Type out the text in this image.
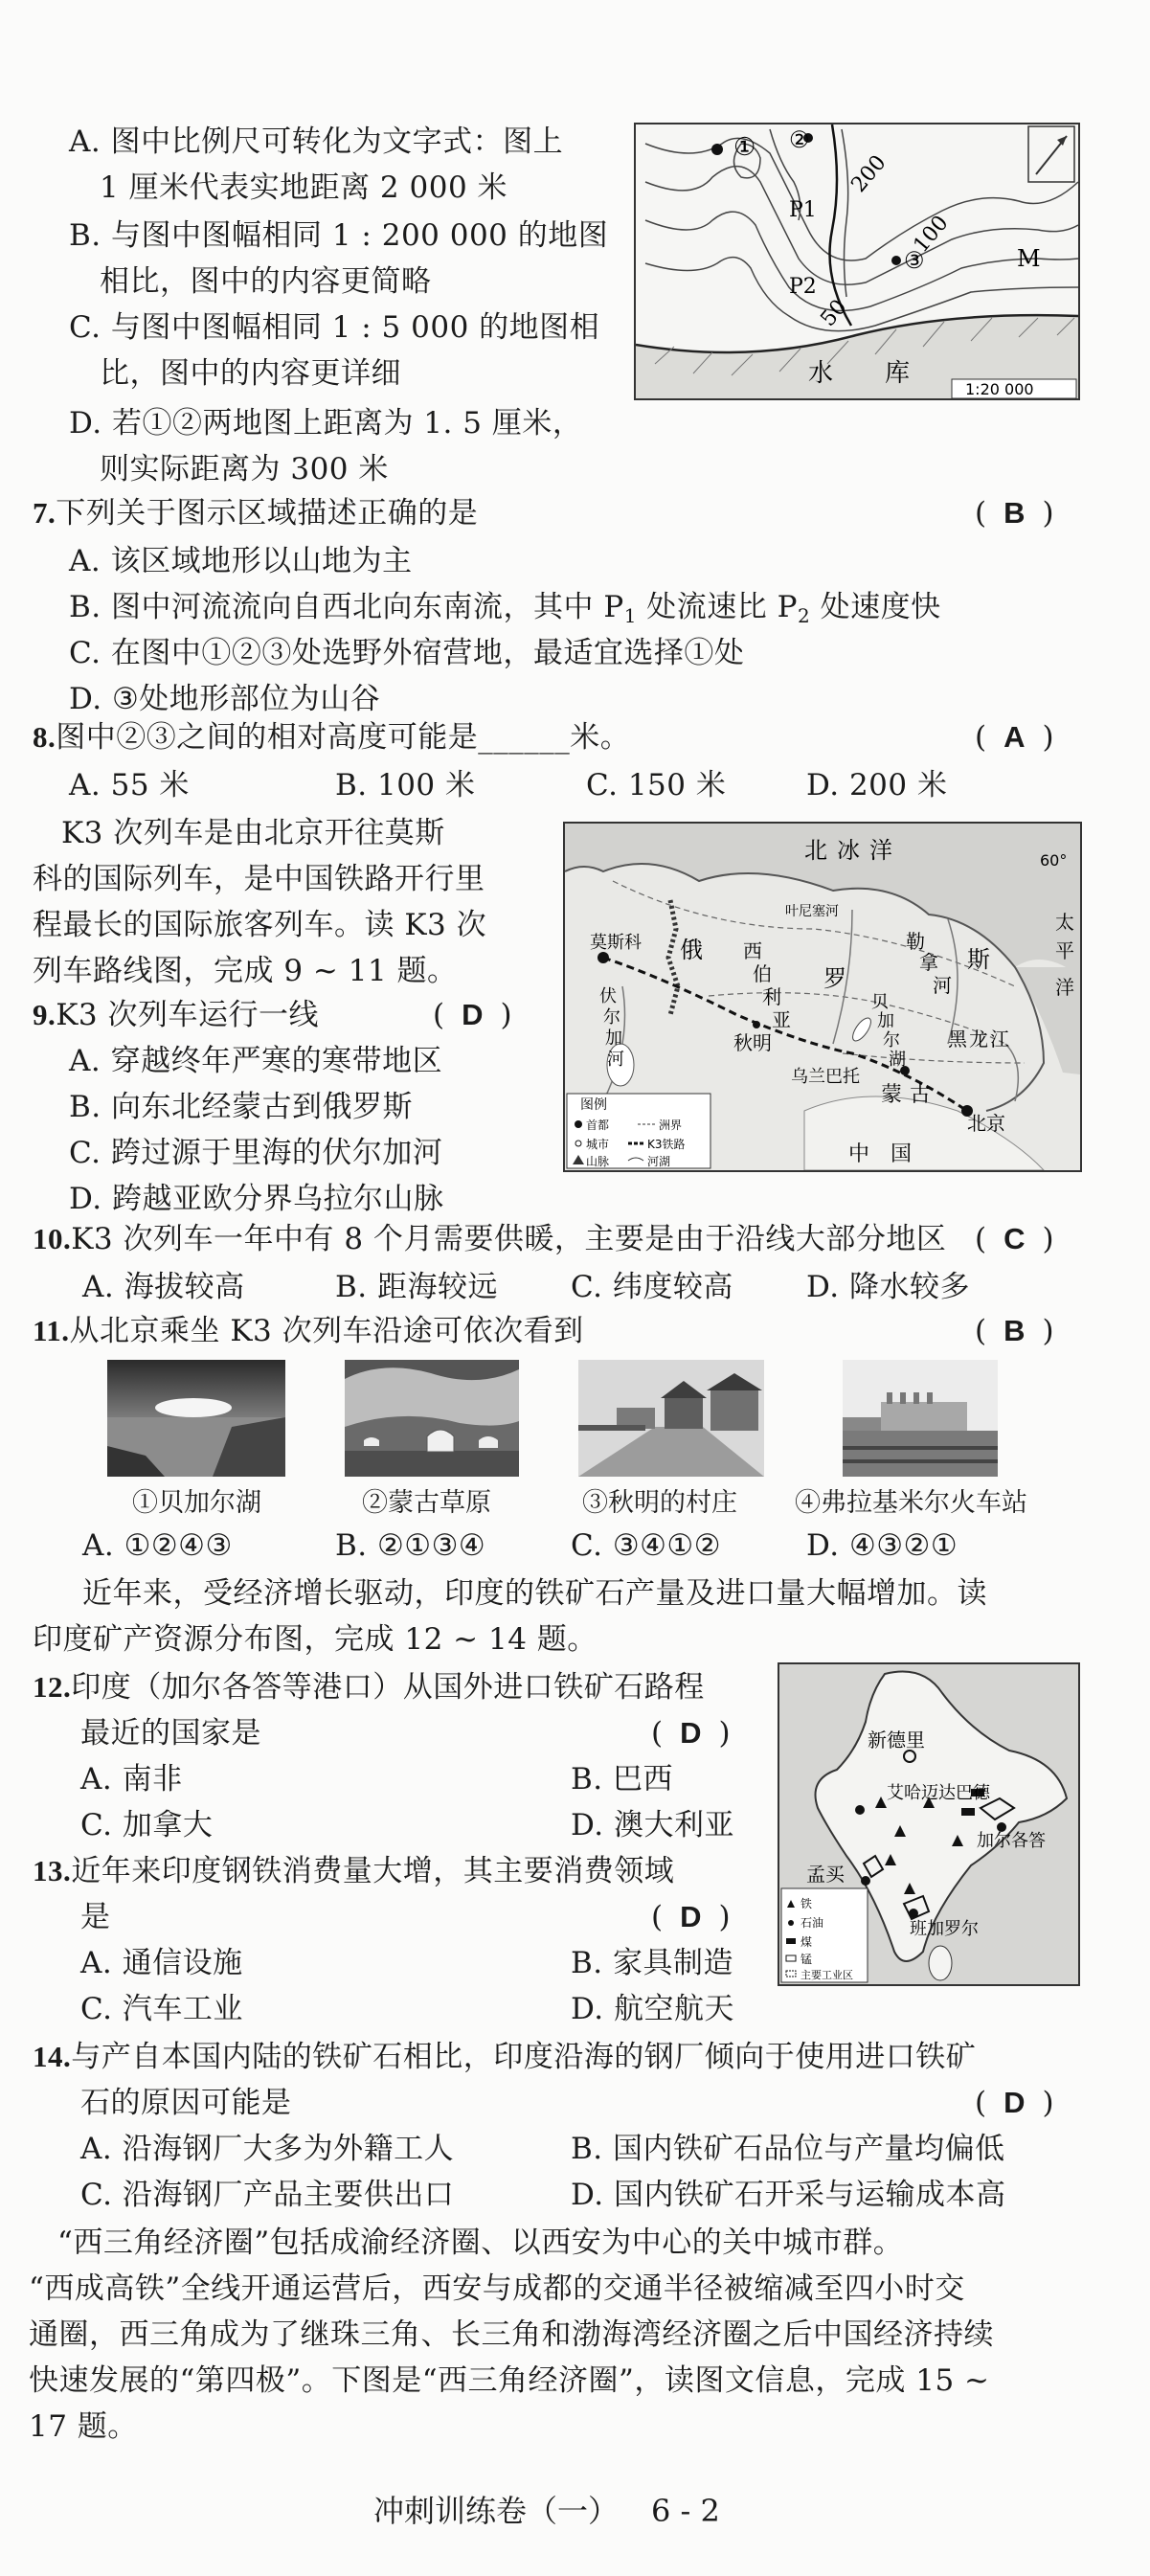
A. 图中比例尺可转化为文字式：图上
1 厘米代表实地距离 2 000 米
B. 与图中图幅相同 1 : 200 000 的地图
相比，图中的内容更简略
C. 与图中图幅相同 1 : 5 000 的地图相
比，图中的内容更详细
D. 若①②两地图上距离为 1. 5 厘米，
则实际距离为 300 米
① ②
③
200
100
50
M
P1
P2
水 库
1:20 000
7.下列关于图示区域描述正确的是	( B )
A. 该区域地形以山地为主
B. 图中河流流向自西北向东南流，其中 $P_1$ 处流速比 $P_2$ 处速度快
C. 在图中①②③处选野外宿营地，最适宜选择①处
D. ③处地形部位为山谷
8.图中②③之间的相对高度可能是______米。	( A )
A. 55 米	B. 100 米	C. 150 米	D. 200 米
K3 次列车是由北京开往莫斯
科的国际列车，是中国铁路开行里
程最长的国际旅客列车。读 K3 次
列车路线图，完成 9 ~ 11 题。
北 冰 洋	60°
莫斯科
伏
尔
加
河
俄
罗
斯
西
伯
利
亚
勒
拿
河
太
平
洋
贝
加
尔
湖
黑 龙 江
蒙 古
乌兰巴托
北京
中 国
秋明
叶尼塞河
图例
首都	洲界
城市	K3铁路
山脉	河湖
9.K3 次列车运行一线	( D )
A. 穿越终年严寒的寒带地区
B. 向东北经蒙古到俄罗斯
C. 跨过源于里海的伏尔加河
D. 跨越亚欧分界乌拉尔山脉
10.K3 次列车一年中有 8 个月需要供暖，主要是由于沿线大部分地区 ( C )
A. 海拔较高	B. 距海较远 C. 纬度较高 D. 降水较多
11.从北京乘坐 K3 次列车沿途可依次看到	( B )
①贝加尔湖	②蒙古草原	③秋明的村庄 ④弗拉基米尔火车站
A. ①②④③	B. ②①③④	C. ③④①②	D. ④③②①
近年来，受经济增长驱动，印度的铁矿石产量及进口量大幅增加。读
印度矿产资源分布图，完成 12 ~ 14 题。
新德里
艾哈迈达巴德
加尔各答
孟买
班加罗尔
铁
石油
煤
锰
主要工业区
12.印度（加尔各答等港口）从国外进口铁矿石路程
最近的国家是	( D )
A. 南非	B. 巴西
C. 加拿大	D. 澳大利亚
13.近年来印度钢铁消费量大增，其主要消费领域
是	( D )
A. 通信设施	B. 家具制造
C. 汽车工业	D. 航空航天
14.与产自本国内陆的铁矿石相比，印度沿海的钢厂倾向于使用进口铁矿
石的原因可能是	( D )
A. 沿海钢厂大多为外籍工人	B. 国内铁矿石品位与产量均偏低
C. 沿海钢厂产品主要供出口	D. 国内铁矿石开采与运输成本高
“西三角经济圈”包括成渝经济圈、以西安为中心的关中城市群。
“西成高铁”全线开通运营后，西安与成都的交通半径被缩减至四小时交
通圈，西三角成为了继珠三角、长三角和渤海湾经济圈之后中国经济持续
快速发展的“第四极”。下图是“西三角经济圈”，读图文信息，完成 15 ~
17 题。
冲刺训练卷（一） 6 - 2
